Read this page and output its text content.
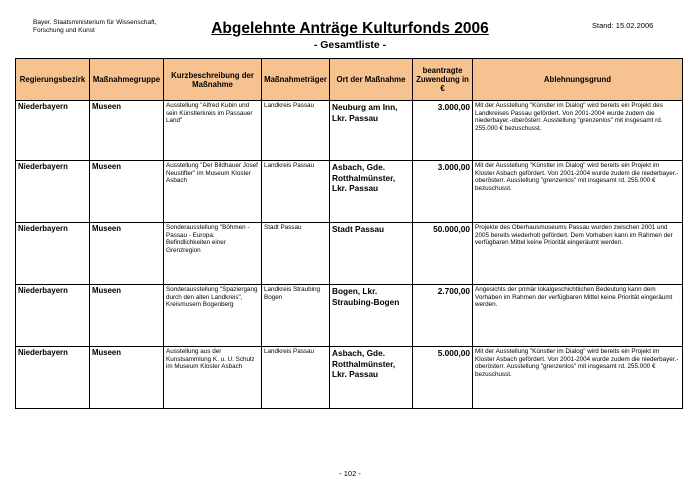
Bayer. Staatsministerium für Wissenschaft, Forschung und Kunst	Abgelehnte Anträge Kulturfonds 2006
- Gesamtliste -
Stand: 15.02.2006
Regierungsbezirk	Maßnahmegruppe	Kurzbeschreibung der Maßnahme	Maßnahmeträger	Ort der Maßnahme	beantragte Zuwendung in €	Ablehnungsgrund
Niederbayern	Museen	Ausstellung "Alfred Kubin und sein Künstlerkreis im Passauer Land"	Landkreis Passau	Neuburg am Inn, Lkr. Passau	3.000,00	Mit der Ausstellung "Künstler im Dialog" wird bereits ein Projekt des Landkreises Passau gefördert. Von 2001-2004 wurde zudem die niederbayer.-oberösterr. Ausstellung "grenzenlos" mit insgesamt rd. 255.000 € bezuschusst.
Niederbayern	Museen	Ausstellung "Der Bildhauer Josef Neustifter" im Museum Kloster Asbach	Landkreis Passau	Asbach, Gde. Rotthalmünster, Lkr. Passau	3.000,00	Mit der Ausstellung "Künstler im Dialog" wird bereits ein Projekt im Kloster Asbach gefördert. Von 2001-2004 wurde zudem die niederbayer.-oberösterr. Ausstellung "grenzenlos" mit insgesamt rd. 255.000 € bezuschusst.
Niederbayern	Museen	Sonderausstellung "Böhmen - Passau - Europa: Befindlichkeiten einer Grenzregion	Stadt Passau	Stadt Passau	50.000,00	Projekte des Oberhausmuseums Passau wurden zwischen 2001 und 2005 bereits wiederholt gefördert. Dem Vorhaben kann im Rahmen der verfügbaren Mittel keine Priorität eingeräumt werden.
Niederbayern	Museen	Sonderausstellung "Spaziergang durch den alten Landkreis", Kreismusem Bogenberg	Landkreis Straubing Bogen	Bogen, Lkr. Straubing-Bogen	2.700,00	Angesichts der primär lokalgeschichtlichen Bedeutung kann dem Vorhaben im Rahmen der verfügbaren Mittel keine Priorität eingeräumt werden.
Niederbayern	Museen	Ausstellung aus der Kunstsammlung K. u. U. Schulz im Museum Kloster Asbach	Landkreis Passau	Asbach, Gde. Rotthalmünster, Lkr. Passau	5.000,00	Mit der Ausstellung "Künstler im Dialog" wird bereits ein Projekt im Kloster Asbach gefördert. Von 2001-2004 wurde zudem die niederbayer.-oberösterr. Ausstellung "grenzenlos" mit insgesamt rd. 255.000 € bezuschusst.
- 102 -
